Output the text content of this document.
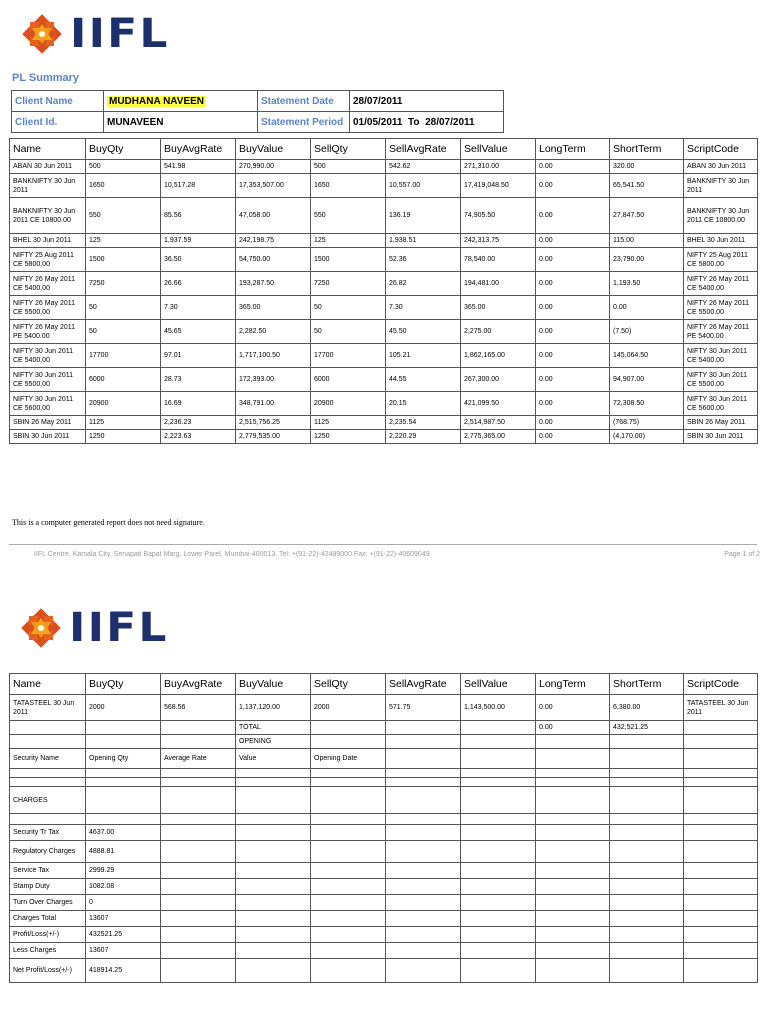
IIFL
PL Summary
Client Name	MUDHANA NAVEEN	Statement Date	28/07/2011
Client Id.	MUNAVEEN	Statement Period	01/05/2011  To  28/07/2011
Name	BuyQty	BuyAvgRate	BuyValue	SellQty	SellAvgRate	SellValue	LongTerm	ShortTerm	ScriptCode
ABAN 30 Jun 2011	500	541.98	270,990.00	500	542.62	271,310.00	0.00	320.00	ABAN 30 Jun 2011
BANKNIFTY 30 Jun 2011	1650	10,517.28	17,353,507.00	1650	10,557.00	17,419,048.50	0.00	65,541.50	BANKNIFTY 30 Jun 2011
BANKNIFTY 30 Jun 2011 CE 10800.00	550	85.56	47,058.00	550	136.19	74,905.50	0.00	27,847.50	BANKNIFTY 30 Jun 2011 CE 10800.00
BHEL 30 Jun 2011	125	1,937.59	242,198.75	125	1,938.51	242,313.75	0.00	115.00	BHEL 30 Jun 2011
NIFTY 25 Aug 2011 CE 5800.00	1500	36.50	54,750.00	1500	52.36	78,540.00	0.00	23,790.00	NIFTY 25 Aug 2011 CE 5800.00
NIFTY 26 May 2011 CE 5400.00	7250	26.66	193,287.50	7250	26.82	194,481.00	0.00	1,193.50	NIFTY 26 May 2011 CE 5400.00
NIFTY 26 May 2011 CE 5500.00	50	7.30	365.00	50	7.30	365.00	0.00	0.00	NIFTY 26 May 2011 CE 5500.00
NIFTY 26 May 2011 PE 5400.00	50	45.65	2,282.50	50	45.50	2,275.00	0.00	(7.50)	NIFTY 26 May 2011 PE 5400.00
NIFTY 30 Jun 2011 CE 5400.00	17700	97.01	1,717,100.50	17700	105.21	1,862,165.00	0.00	145,064.50	NIFTY 30 Jun 2011 CE 5400.00
NIFTY 30 Jun 2011 CE 5500.00	6000	28.73	172,393.00	6000	44.55	267,300.00	0.00	94,907.00	NIFTY 30 Jun 2011 CE 5500.00
NIFTY 30 Jun 2011 CE 5600.00	20900	16.69	348,791.00	20900	20.15	421,099.50	0.00	72,308.50	NIFTY 30 Jun 2011 CE 5600.00
SBIN 26 May 2011	1125	2,236.23	2,515,756.25	1125	2,235.54	2,514,987.50	0.00	(768.75)	SBIN 26 May 2011
SBIN 30 Jun 2011	1250	2,223.63	2,779,535.00	1250	2,220.29	2,775,365.00	0.00	(4,170.00)	SBIN 30 Jun 2011
This is a computer generated report does not need signature.
IIFL Centre, Kamala City, Senapati Bapat Marg, Lower Parel, Mumbai-400013. Tel: +(91-22)-42499000 Fax: +(91-22)-40609049.	Page 1 of 2
IIFL
Name	BuyQty	BuyAvgRate	BuyValue	SellQty	SellAvgRate	SellValue	LongTerm	ShortTerm	ScriptCode
TATASTEEL 30 Jun 2011	2000	568.56	1,137,120.00	2000	571.75	1,143,500.00	0.00	6,380.00	TATASTEEL 30 Jun 2011
			TOTAL				0.00	432,521.25	
			OPENING						
Security Name	Opening Qty	Average Rate	Value	Opening Date					

CHARGES									

Security Tr Tax	4637.00								
Regulatory Charges	4888.81								
Service Tax	2999.29								
Stamp Duty	1082.08								
Turn Over Charges	0								
Charges Total	13607								
Profit/Loss(+/-)	432521.25								
Less Charges	13607								
Net Profit/Loss(+/-)	418914.25								
